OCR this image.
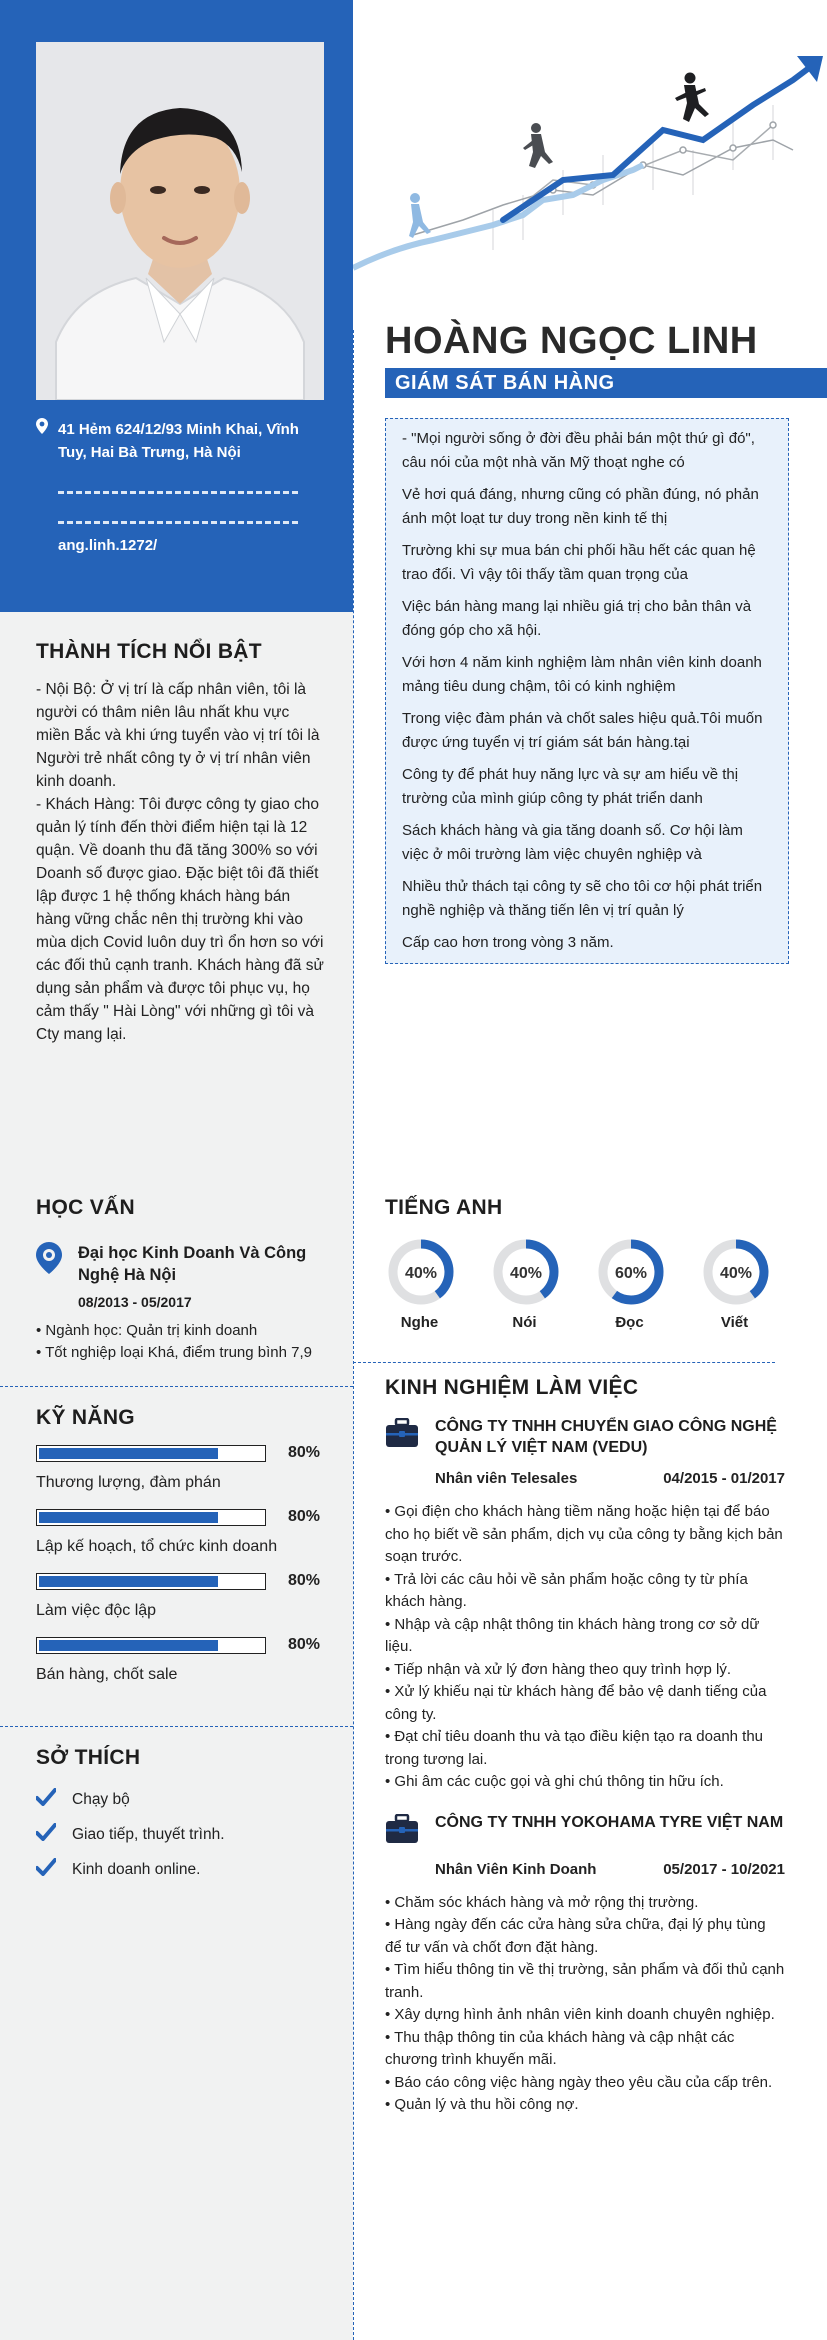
41 Hẻm 624/12/93 Minh Khai, Vĩnh Tuy, Hai Bà Trưng, Hà Nội
ang.linh.1272/
THÀNH TÍCH NỔI BẬT

- Nội Bộ: Ở vị trí là cấp nhân viên, tôi là người có thâm niên lâu nhất khu vực miền Bắc và khi ứng tuyển vào vị trí tôi là Người trẻ nhất công ty ở vị trí nhân viên kinh doanh.

- Khách Hàng: Tôi được công ty giao cho quản lý tính đến thời điểm hiện tại là 12 quận. Về doanh thu đã tăng 300% so với Doanh số được giao. Đặc biệt tôi đã thiết lập được 1 hệ thống khách hàng bán hàng vững chắc nên thị trường khi vào mùa dịch Covid luôn duy trì ổn hơn so với các đối thủ cạnh tranh. Khách hàng đã sử dụng sản phẩm và được tôi phục vụ, họ cảm thấy " Hài Lòng" với những gì tôi và Cty mang lại.

HOÀNG NGỌC LINH
GIÁM SÁT BÁN HÀNG

- "Mọi người sống ở đời đều phải bán một thứ gì đó", câu nói của một nhà văn Mỹ thoạt nghe có

Vẻ hơi quá đáng, nhưng cũng có phần đúng, nó phản ánh một loạt tư duy trong nền kinh tế thị

Trường khi sự mua bán chi phối hầu hết các quan hệ trao đổi. Vì vậy tôi thấy tầm quan trọng của

Việc bán hàng mang lại nhiều giá trị cho bản thân và đóng góp cho xã hội.

Với hơn 4 năm kinh nghiệm làm nhân viên kinh doanh mảng tiêu dung chậm, tôi có kinh nghiệm

Trong việc đàm phán và chốt sales hiệu quả.Tôi muốn được ứng tuyển vị trí giám sát bán hàng.tại

Công ty để phát huy năng lực và sự am hiểu về thị trường của mình giúp công ty phát triển danh

Sách khách hàng và gia tăng doanh số. Cơ hội làm việc ở môi trường làm việc chuyên nghiệp và

Nhiều thử thách tại công ty sẽ cho tôi cơ hội phát triển nghề nghiệp và thăng tiến lên vị trí quản lý

Cấp cao hơn trong vòng 3 năm.

HỌC VẤN
Đại học Kinh Doanh Và Công Nghệ Hà Nội
08/2013 - 05/2017
• Ngành học: Quản trị kinh doanh
• Tốt nghiệp loại Khá, điểm trung bình 7,9
KỸ NĂNG
80%
Thương lượng, đàm phán
80%
Lập kế hoạch, tổ chức kinh doanh
80%
Làm việc độc lập
80%
Bán hàng, chốt sale
SỞ THÍCH
Chạy bộ
Giao tiếp, thuyết trình.
Kinh doanh online.
TIẾNG ANH
40%
Nghe
40%
Nói
60%
Đọc
40%
Viết
KINH NGHIỆM LÀM VIỆC
CÔNG TY TNHH CHUYỂN GIAO CÔNG NGHỆ QUẢN LÝ VIỆT NAM (VEDU)
Nhân viên Telesales	04/2015 - 01/2017
• Gọi điện cho khách hàng tiềm năng hoặc hiện tại để báo cho họ biết về sản phẩm, dịch vụ của công ty bằng kịch bản soạn trước.
• Trả lời các câu hỏi về sản phẩm hoặc công ty từ phía khách hàng.
• Nhập và cập nhật thông tin khách hàng trong cơ sở dữ liệu.
• Tiếp nhận và xử lý đơn hàng theo quy trình hợp lý.
• Xử lý khiếu nại từ khách hàng để bảo vệ danh tiếng của công ty.
• Đạt chỉ tiêu doanh thu và tạo điều kiện tạo ra doanh thu trong tương lai.
• Ghi âm các cuộc gọi và ghi chú thông tin hữu ích.
CÔNG TY TNHH YOKOHAMA TYRE VIỆT NAM
Nhân Viên Kinh Doanh	05/2017 - 10/2021
• Chăm sóc khách hàng và mở rộng thị trường.
• Hàng ngày đến các cửa hàng sửa chữa, đại lý phụ tùng để tư vấn và chốt đơn đặt hàng.
• Tìm hiểu thông tin về thị trường, sản phẩm và đối thủ cạnh tranh.
• Xây dựng hình ảnh nhân viên kinh doanh chuyên nghiệp.
• Thu thập thông tin của khách hàng và cập nhật các chương trình khuyến mãi.
• Báo cáo công việc hàng ngày theo yêu cầu của cấp trên.
• Quản lý và thu hồi công nợ.
